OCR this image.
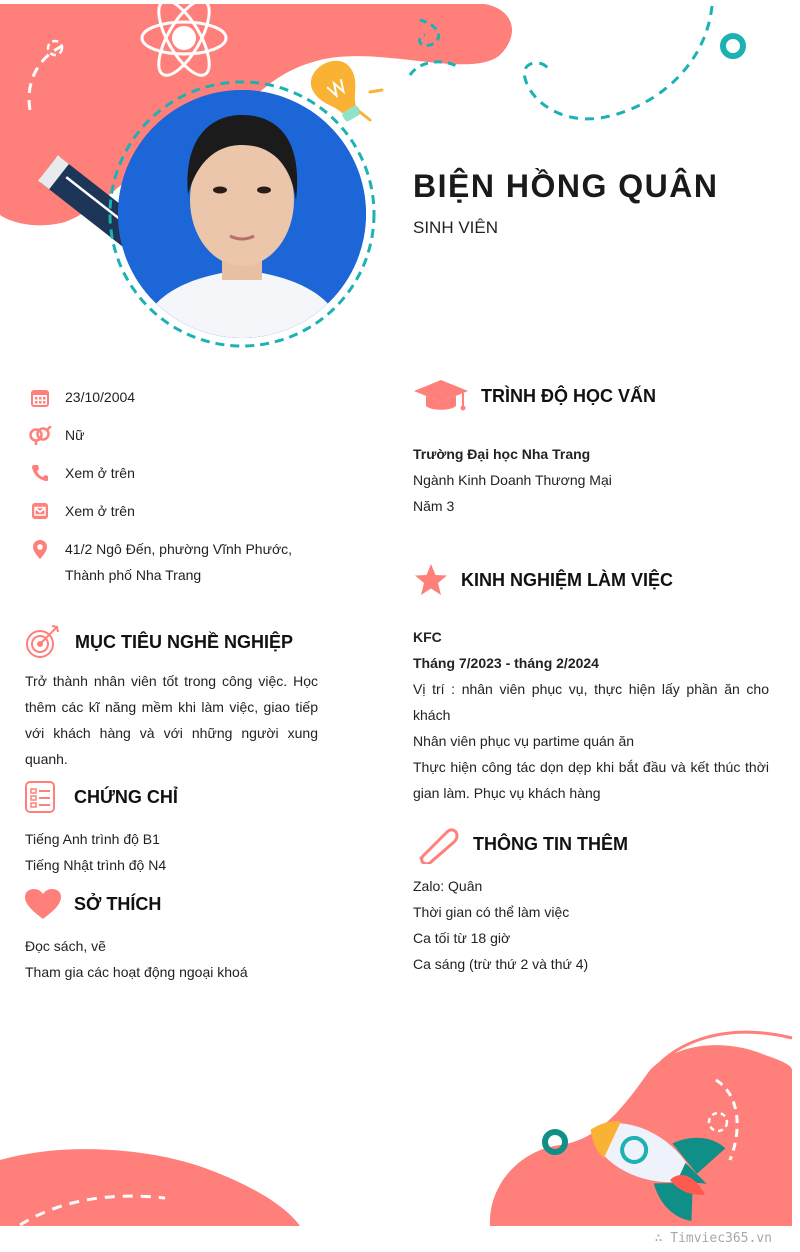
BIỆN HỒNG QUÂN
SINH VIÊN
23/10/2004
Nữ
Xem ở trên
Xem ở trên
41/2 Ngô Đến, phường Vĩnh Phước,
Thành phố Nha Trang
MỤC TIÊU NGHỀ NGHIỆP
Trở thành nhân viên tốt trong công việc. Học thêm các kĩ năng mềm khi làm việc, giao tiếp với khách hàng và với những người xung quanh.
CHỨNG CHỈ
Tiếng Anh trình độ B1
Tiếng Nhật trình độ N4
SỞ THÍCH
Đọc sách, vẽ
Tham gia các hoạt động ngoại khoá
TRÌNH ĐỘ HỌC VẤN
Trường Đại học Nha Trang
Ngành Kinh Doanh Thương Mại
Năm 3
KINH NGHIỆM LÀM VIỆC
KFC
Tháng 7/2023 - tháng 2/2024
Vị trí : nhân viên phục vụ, thực hiện lấy phần ăn cho khách
Nhân viên phục vụ partime quán ăn
Thực hiện công tác dọn dẹp khi bắt đầu và kết thúc thời gian làm. Phục vụ khách hàng
THÔNG TIN THÊM
Zalo: Quân
Thời gian có thể làm việc
Ca tối từ 18 giờ
Ca sáng (trừ thứ 2 và thứ 4)
∴ Timviec365.vn
